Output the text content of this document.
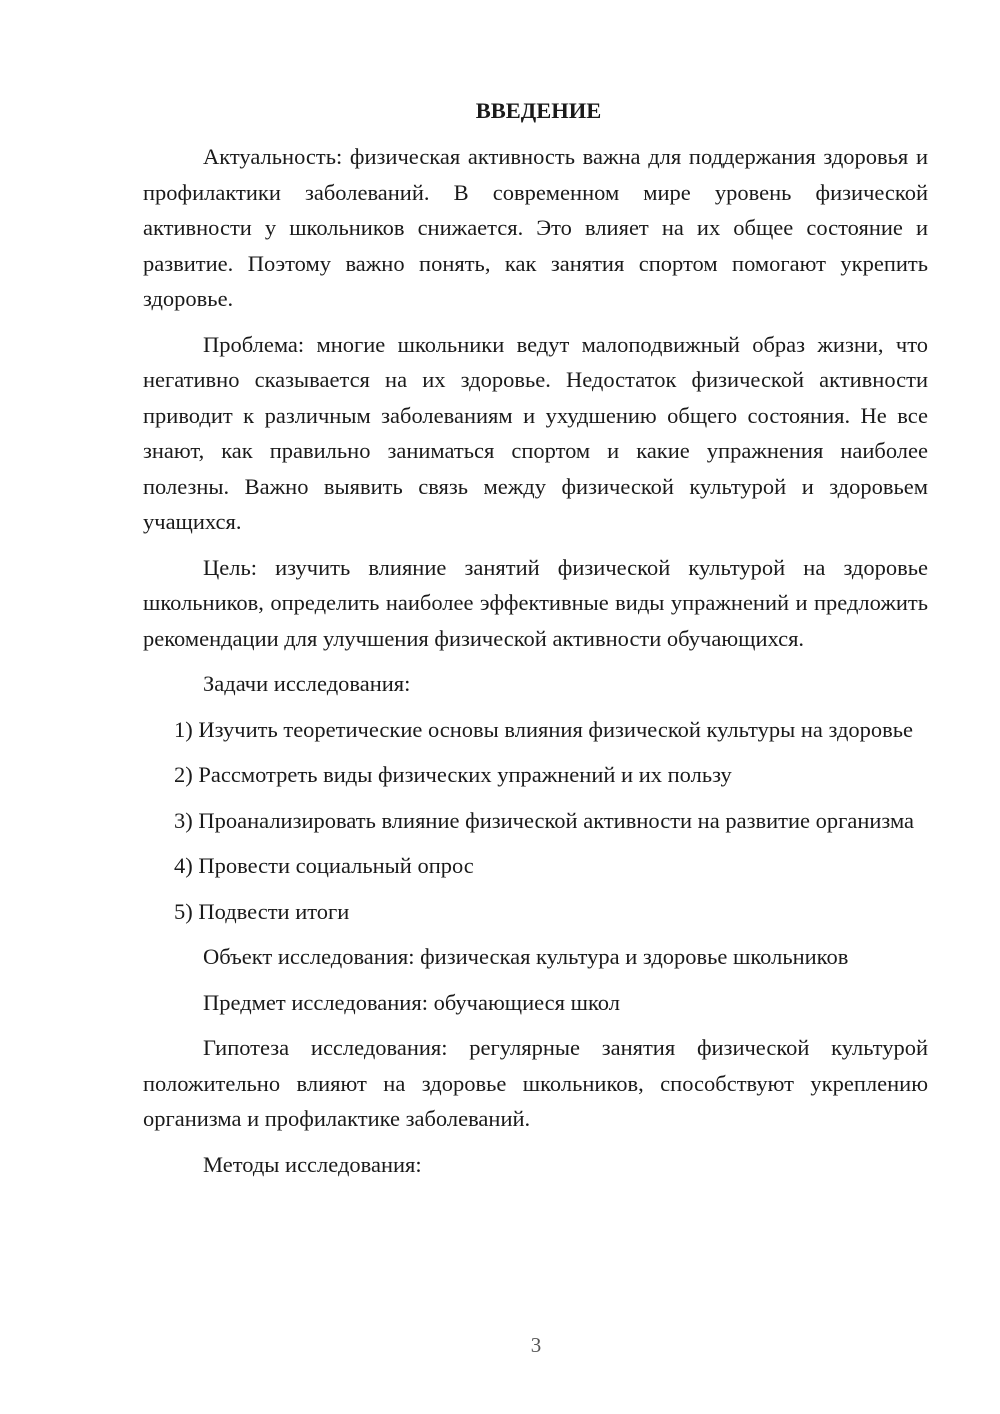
ВВЕДЕНИЕ

Актуальность: физическая активность важна для поддержания здоровья и профилактики заболеваний. В современном мире уровень физической активности у школьников снижается. Это влияет на их общее состояние и развитие. Поэтому важно понять, как занятия спортом помогают укрепить здоровье.

Проблема: многие школьники ведут малоподвижный образ жизни, что негативно сказывается на их здоровье. Недостаток физической активности приводит к различным заболеваниям и ухудшению общего состояния. Не все знают, как правильно заниматься спортом и какие упражнения наиболее полезны. Важно выявить связь между физической культурой и здоровьем учащихся.

Цель: изучить влияние занятий физической культурой на здоровье школьников, определить наиболее эффективные виды упражнений и предложить рекомендации для улучшения физической активности обучающихся.

Задачи исследования:

1) Изучить теоретические основы влияния физической культуры на здоровье

2) Рассмотреть виды физических упражнений и их пользу

3) Проанализировать влияние физической активности на развитие организма

4) Провести социальный опрос

5) Подвести итоги

Объект исследования: физическая культура и здоровье школьников

Предмет исследования: обучающиеся школ

Гипотеза исследования: регулярные занятия физической культурой положительно влияют на здоровье школьников, способствуют укреплению организма и профилактике заболеваний.

Методы исследования:

3
